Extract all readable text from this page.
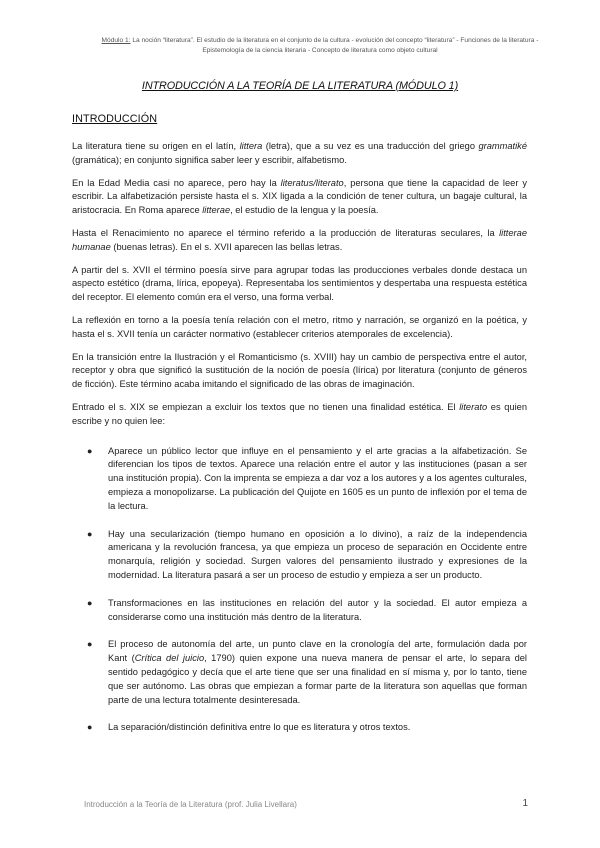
Módulo 1: La noción “literatura”. El estudio de la literatura en el conjunto de la cultura - evolución del concepto “literatura” - Funciones de la literatura - Epistemología de la ciencia literaria - Concepto de literatura como objeto cultural
INTRODUCCIÓN A LA TEORÍA DE LA LITERATURA (MÓDULO 1)
INTRODUCCIÓN

La literatura tiene su origen en el latín, littera (letra), que a su vez es una traducción del griego grammatiké (gramática); en conjunto significa saber leer y escribir, alfabetismo.

En la Edad Media casi no aparece, pero hay la literatus/literato, persona que tiene la capacidad de leer y escribir. La alfabetización persiste hasta el s. XIX ligada a la condición de tener cultura, un bagaje cultural, la aristocracia. En Roma aparece litterae, el estudio de la lengua y la poesía.

Hasta el Renacimiento no aparece el término referido a la producción de literaturas seculares, la litterae humanae (buenas letras). En el s. XVII aparecen las bellas letras.

A partir del s. XVII el término poesía sirve para agrupar todas las producciones verbales donde destaca un aspecto estético (drama, lírica, epopeya). Representaba los sentimientos y despertaba una respuesta estética del receptor. El elemento común era el verso, una forma verbal.

La reflexión en torno a la poesía tenía relación con el metro, ritmo y narración, se organizó en la poética, y hasta el s. XVII tenía un carácter normativo (establecer criterios atemporales de excelencia).

En la transición entre la Ilustración y el Romanticismo (s. XVIII) hay un cambio de perspectiva entre el autor, receptor y obra que significó la sustitución de la noción de poesía (lírica) por literatura (conjunto de géneros de ficción). Este término acaba imitando el significado de las obras de imaginación.

Entrado el s. XIX se empiezan a excluir los textos que no tienen una finalidad estética. El literato es quien escribe y no quien lee:

● Aparece un público lector que influye en el pensamiento y el arte gracias a la alfabetización. Se diferencian los tipos de textos. Aparece una relación entre el autor y las instituciones (pasan a ser una institución propia). Con la imprenta se empieza a dar voz a los autores y a los agentes culturales, empieza a monopolizarse. La publicación del Quijote en 1605 es un punto de inflexión por el tema de la lectura.
● Hay una secularización (tiempo humano en oposición a lo divino), a raíz de la independencia americana y la revolución francesa, ya que empieza un proceso de separación en Occidente entre monarquía, religión y sociedad. Surgen valores del pensamiento ilustrado y expresiones de la modernidad. La literatura pasará a ser un proceso de estudio y empieza a ser un producto.
● Transformaciones en las instituciones en relación del autor y la sociedad. El autor empieza a considerarse como una institución más dentro de la literatura.
● El proceso de autonomía del arte, un punto clave en la cronología del arte, formulación dada por Kant (Crítica del juicio, 1790) quien expone una nueva manera de pensar el arte, lo separa del sentido pedagógico y decía que el arte tiene que ser una finalidad en sí misma y, por lo tanto, tiene que ser autónomo. Las obras que empiezan a formar parte de la literatura son aquellas que forman parte de una lectura totalmente desinteresada.
● La separación/distinción definitiva entre lo que es literatura y otros textos.
Introducción a la Teoría de la Literatura (prof. Julia Livellara)	1
